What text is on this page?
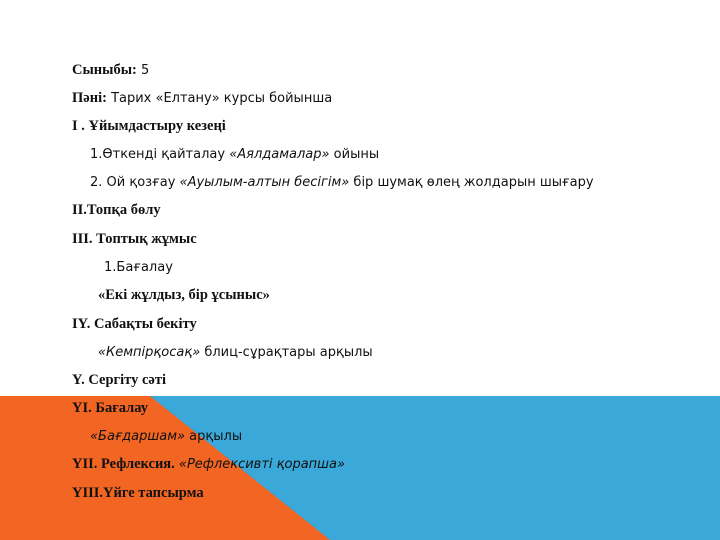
Сыныбы: 5
Пәні: Тарих «Елтану» курсы бойынша
І . Ұйымдастыру кезеңі
1.Өткенді қайталау «Аялдамалар» ойыны
2. Ой қозғау «Ауылым-алтын бесігім» бір шумақ өлең жолдарын шығару
ІІ.Топқа бөлу
ІІІ. Топтық жұмыс
1.Бағалау
«Екі жұлдыз, бір ұсыныс»
ІY. Сабақты бекіту
«Кемпірқосақ» блиц-сұрақтары арқылы
Y. Сергіту сәті
YІ. Бағалау
«Бағдаршам» арқылы
YІІ. Рефлексия. «Рефлексивті қорапша»
YІІІ.Үйге тапсырма
